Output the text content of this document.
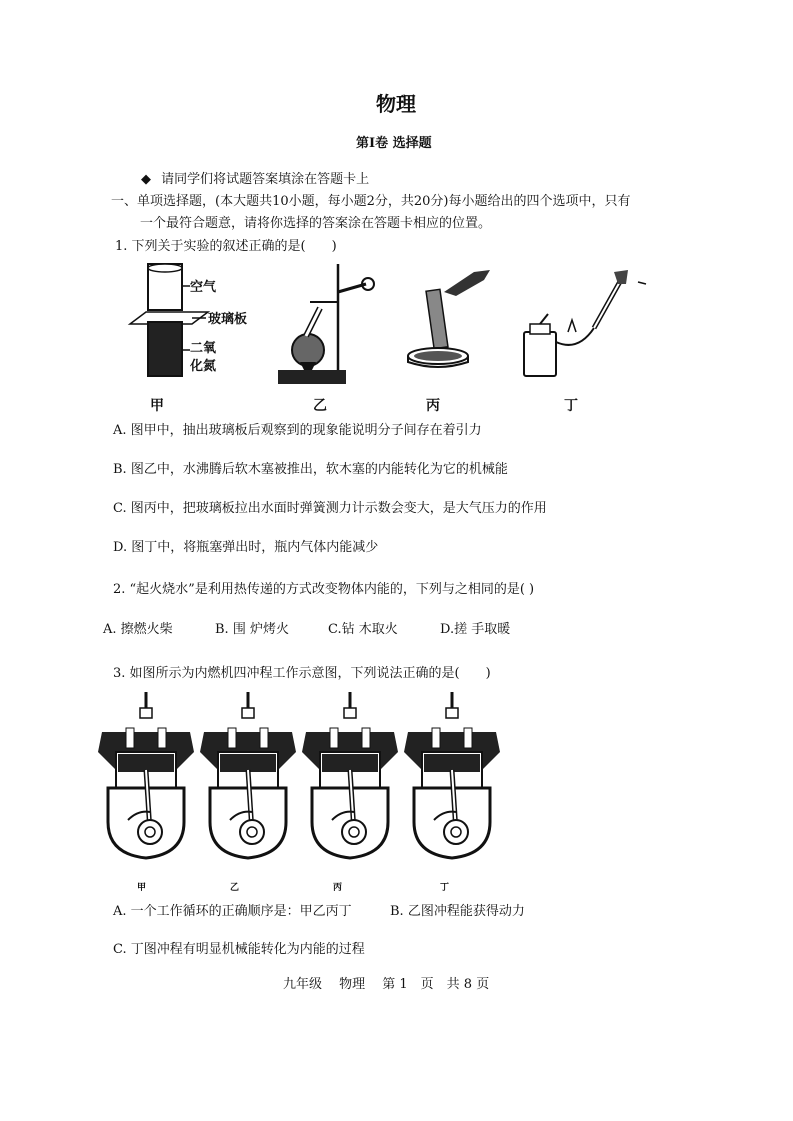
物理
第Ⅰ卷 选择题
◆ 请同学们将试题答案填涂在答题卡上
一、单项选择题，(本大题共10小题，每小题2分，共20分)每小题给出的四个选项中，只有
一个最符合题意，请将你选择的答案涂在答题卡相应的位置。
1. 下列关于实验的叙述正确的是(　　)
空气
玻璃板
二氧
化氮
甲	乙	丙	丁
A. 图甲中，抽出玻璃板后观察到的现象能说明分子间存在着引力
B. 图乙中，水沸腾后软木塞被推出，软木塞的内能转化为它的机械能
C. 图丙中，把玻璃板拉出水面时弹簧测力计示数会变大，是大气压力的作用
D. 图丁中，将瓶塞弹出时，瓶内气体内能减少
2. “起火烧水”是利用热传递的方式改变物体内能的，下列与之相同的是( )
A. 擦燃火柴	B. 围 炉烤火	C.钻 木取火	D.搓 手取暖
3. 如图所示为内燃机四冲程工作示意图，下列说法正确的是(　　)
甲	乙	丙	丁
A. 一个工作循环的正确顺序是：甲乙丙丁	B. 乙图冲程能获得动力
C. 丁图冲程有明显机械能转化为内能的过程
九年级　 物理　 第 1　页　共 8 页
